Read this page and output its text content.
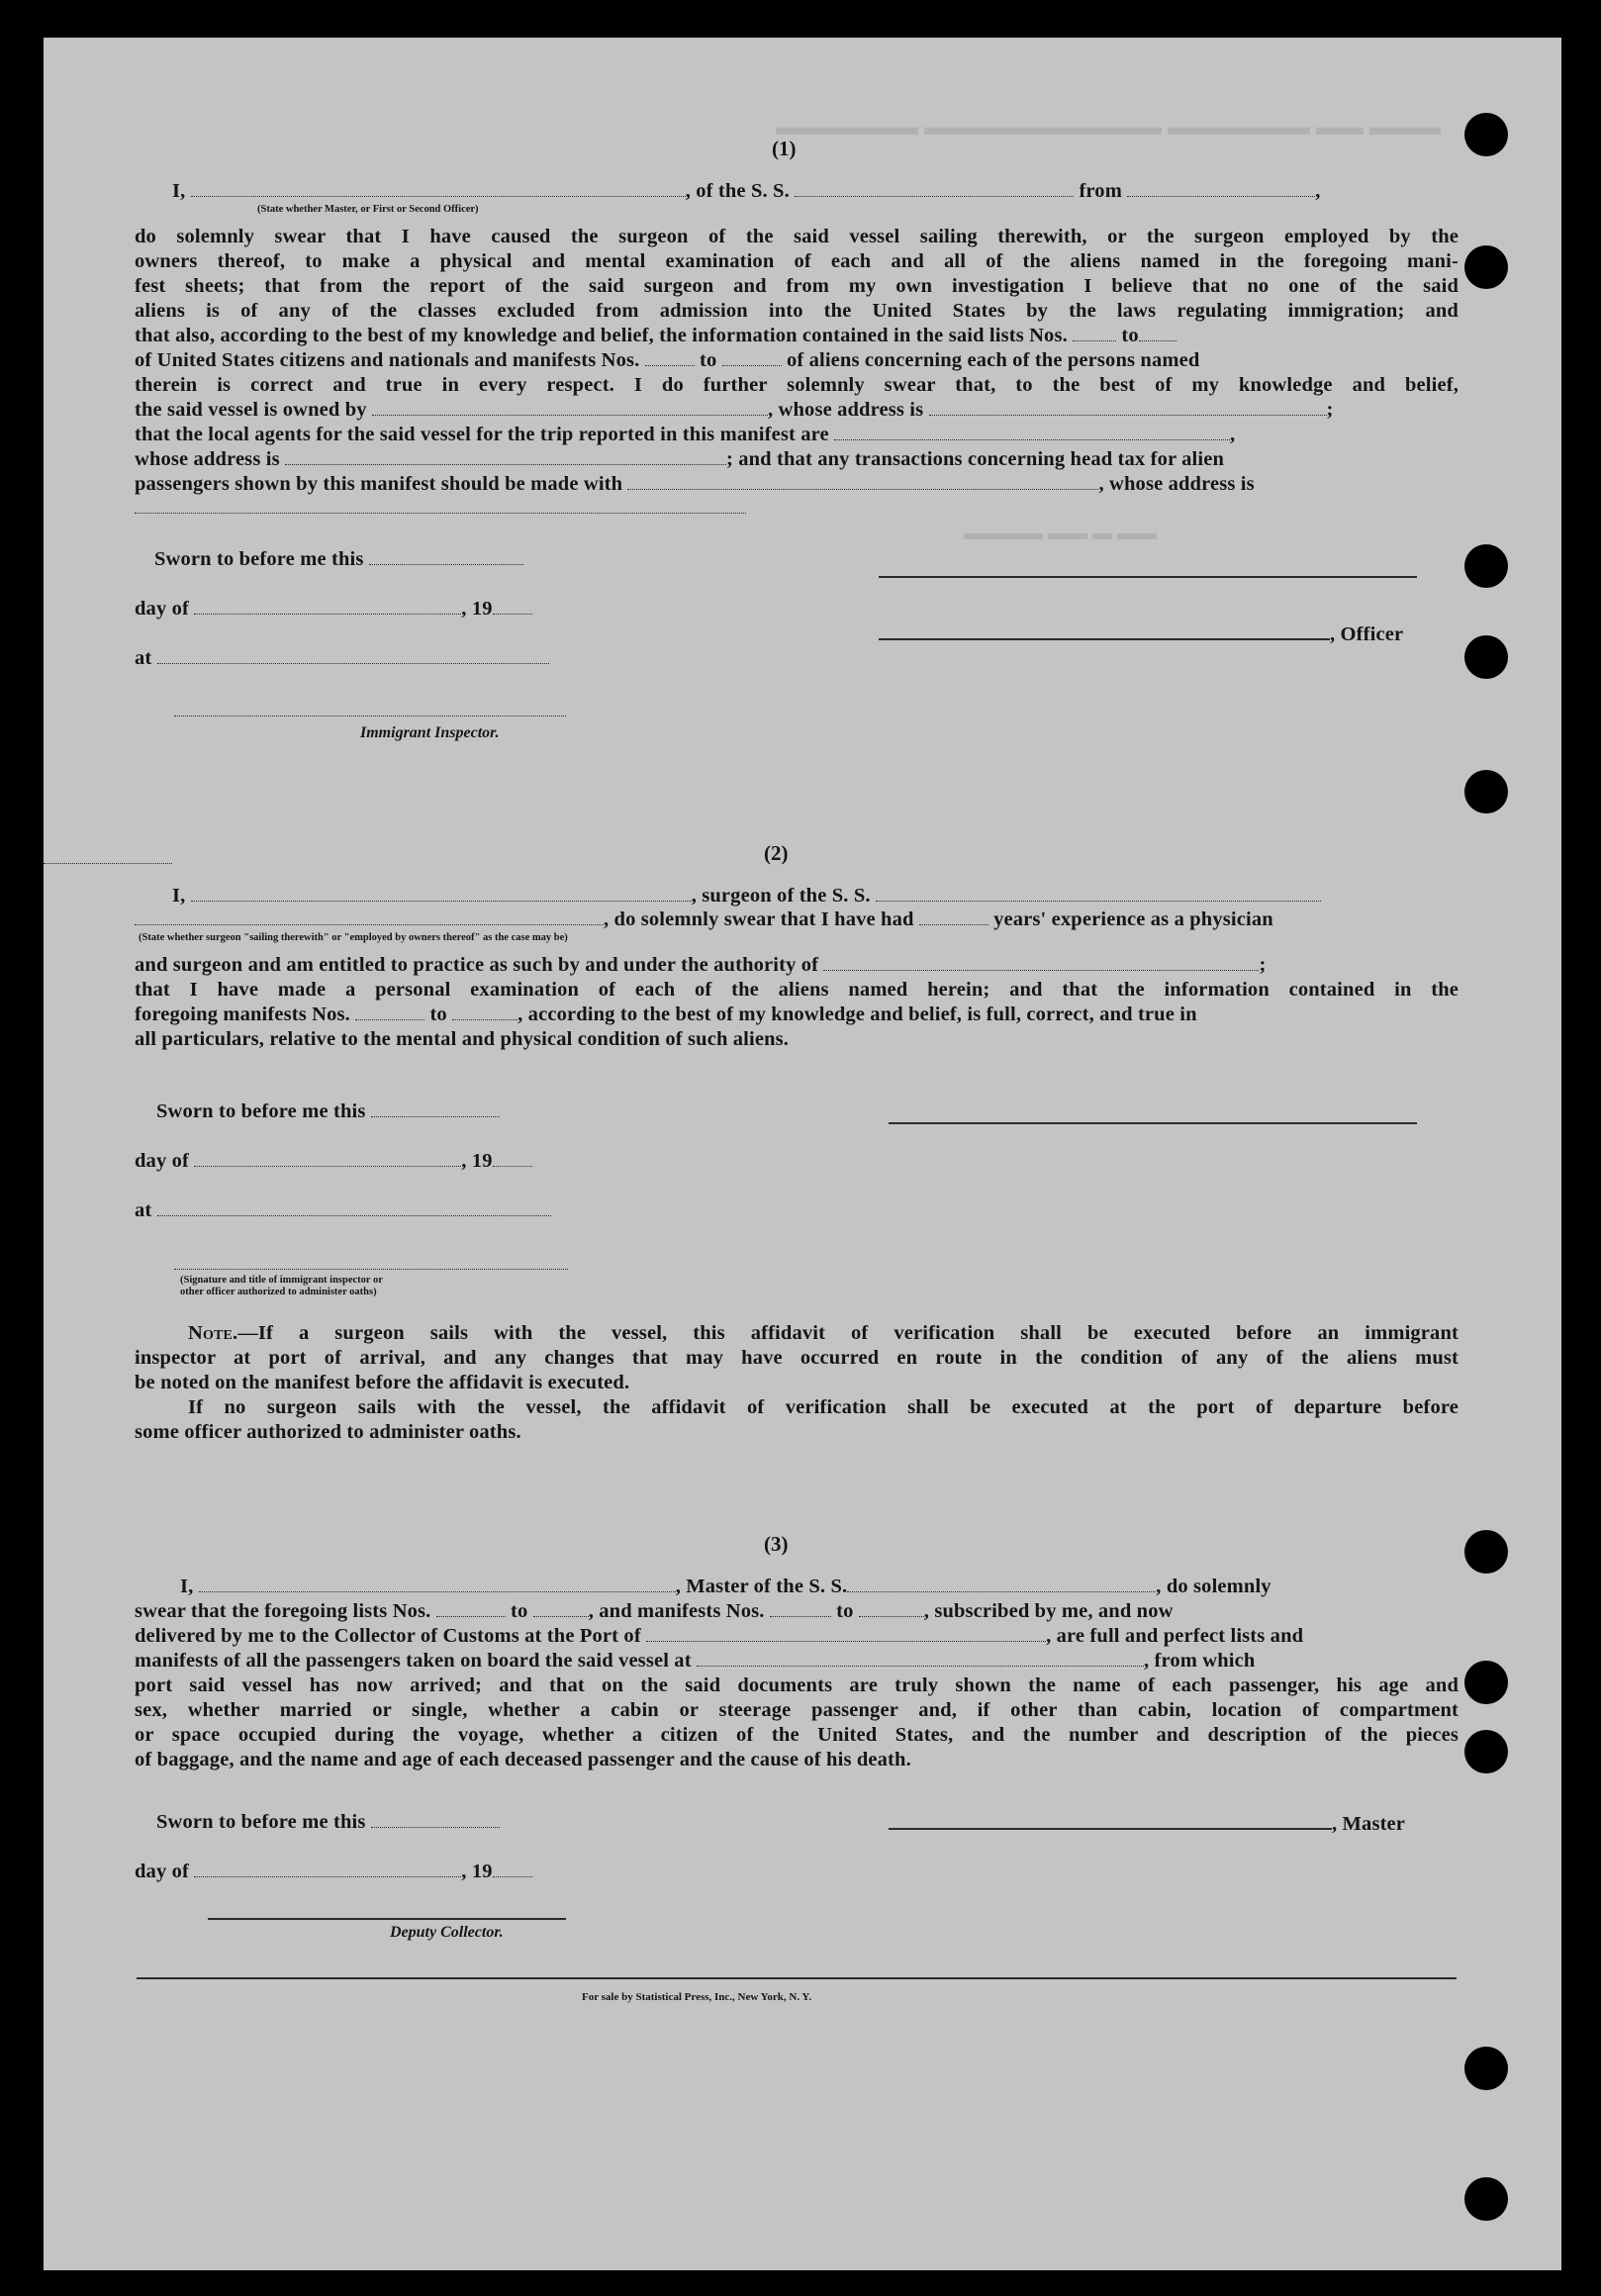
▬▬▬ ▬▬ ▬▬▬▬▬▬ ▬▬▬▬▬▬▬▬▬▬ ▬▬▬▬▬▬
▬▬ ▬ ▬▬ ▬▬▬▬
(1)
I,	, of the S. S.	from	,
(State whether Master, or First or Second Officer)
do solemnly swear that I have caused the surgeon of the said vessel sailing therewith, or the surgeon employed by the
owners thereof, to make a physical and mental examination of each and all of the aliens named in the foregoing mani-
fest sheets; that from the report of the said surgeon and from my own investigation I believe that no one of the said
aliens is of any of the classes excluded from admission into the United States by the laws regulating immigration; and
that also, according to the best of my knowledge and belief, the information contained in the said lists Nos.	to
of United States citizens and nationals and manifests Nos.	to	of aliens concerning each of the persons named
therein is correct and true in every respect. I do further solemnly swear that, to the best of my knowledge and belief,
the said vessel is owned by	, whose address is	;
that the local agents for the said vessel for the trip reported in this manifest are	,
whose address is	; and that any transactions concerning head tax for alien
passengers shown by this manifest should be made with	, whose address is
Sworn to before me this
day of	, 19
, Officer
at
Immigrant Inspector.
(2)
I,	, surgeon of the S. S.
, do solemnly swear that I have had	years' experience as a physician
(State whether surgeon "sailing therewith" or "employed by owners thereof" as the case may be)
and surgeon and am entitled to practice as such by and under the authority of	;
that I have made a personal examination of each of the aliens named herein; and that the information contained in the
foregoing manifests Nos.	to	, according to the best of my knowledge and belief, is full, correct, and true in
all particulars, relative to the mental and physical condition of such aliens.
Sworn to before me this
day of	, 19
at
(Signature and title of immigrant inspector or
other officer authorized to administer oaths)
Note.—If a surgeon sails with the vessel, this affidavit of verification shall be executed before an immigrant
inspector at port of arrival, and any changes that may have occurred en route in the condition of any of the aliens must
be noted on the manifest before the affidavit is executed.
If no surgeon sails with the vessel, the affidavit of verification shall be executed at the port of departure before
some officer authorized to administer oaths.
(3)
I,	, Master of the S. S.	, do solemnly
swear that the foregoing lists Nos.	to	, and manifests Nos.	to	, subscribed by me, and now
delivered by me to the Collector of Customs at the Port of	, are full and perfect lists and
manifests of all the passengers taken on board the said vessel at	, from which
port said vessel has now arrived; and that on the said documents are truly shown the name of each passenger, his age and
sex, whether married or single, whether a cabin or steerage passenger and, if other than cabin, location of compartment
or space occupied during the voyage, whether a citizen of the United States, and the number and description of the pieces
of baggage, and the name and age of each deceased passenger and the cause of his death.
Sworn to before me this	, Master
day of	, 19
Deputy Collector.
For sale by Statistical Press, Inc., New York, N. Y.
